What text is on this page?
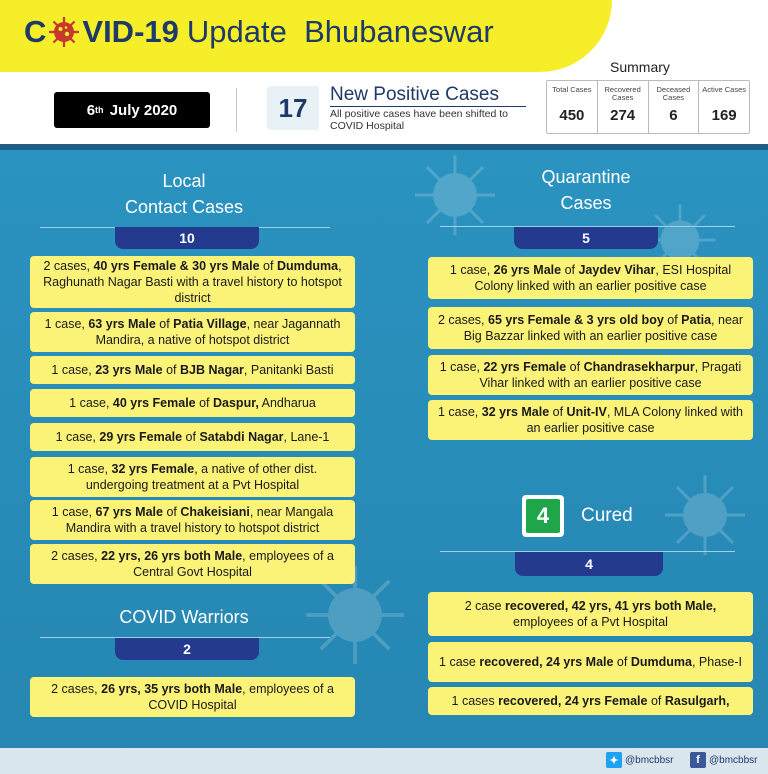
C VID-19 Update  Bhubaneswar
6 th
July 2020	17	New Positive Cases
All positive cases have been shifted to COVID Hospital
Summary
Total Cases
450
Recovered Cases
274
Deceased Cases
6
Active Cases
169
Local
Contact Cases
10
2 cases, 40 yrs Female & 30 yrs Male of Dumduma, Raghunath Nagar Basti with a travel history to hotspot district
1 case, 63 yrs Male of Patia Village, near Jagannath Mandira, a native of hotspot district
1 case, 23 yrs Male of BJB Nagar, Panitanki Basti
1 case, 40 yrs Female of Daspur, Andharua
1 case, 29 yrs Female of Satabdi Nagar, Lane-1
1 case, 32 yrs Female, a native of other dist. undergoing treatment at a Pvt Hospital
1 case, 67 yrs Male of Chakeisiani, near Mangala Mandira with a travel history to hotspot district
2 cases, 22 yrs, 26 yrs both Male, employees of a Central Govt Hospital
COVID Warriors
2
2 cases, 26 yrs, 35 yrs both Male, employees of a COVID Hospital
Quarantine
Cases
5
1 case, 26 yrs Male of Jaydev Vihar, ESI Hospital Colony linked with an earlier positive case
2 cases, 65 yrs Female & 3 yrs old boy of Patia, near Big Bazzar linked with an earlier positive case
1 case, 22 yrs Female of Chandrasekharpur, Pragati Vihar linked with an earlier positive case
1 case, 32 yrs Male of Unit-IV, MLA Colony linked with an earlier positive case
4	Cured
4
2 case recovered, 42 yrs, 41 yrs both Male, employees of a Pvt Hospital
1 case recovered, 24 yrs Male of Dumduma, Phase-I
1 cases recovered, 24 yrs Female of Rasulgarh,
✦ @bmcbbsr	f @bmcbbsr
